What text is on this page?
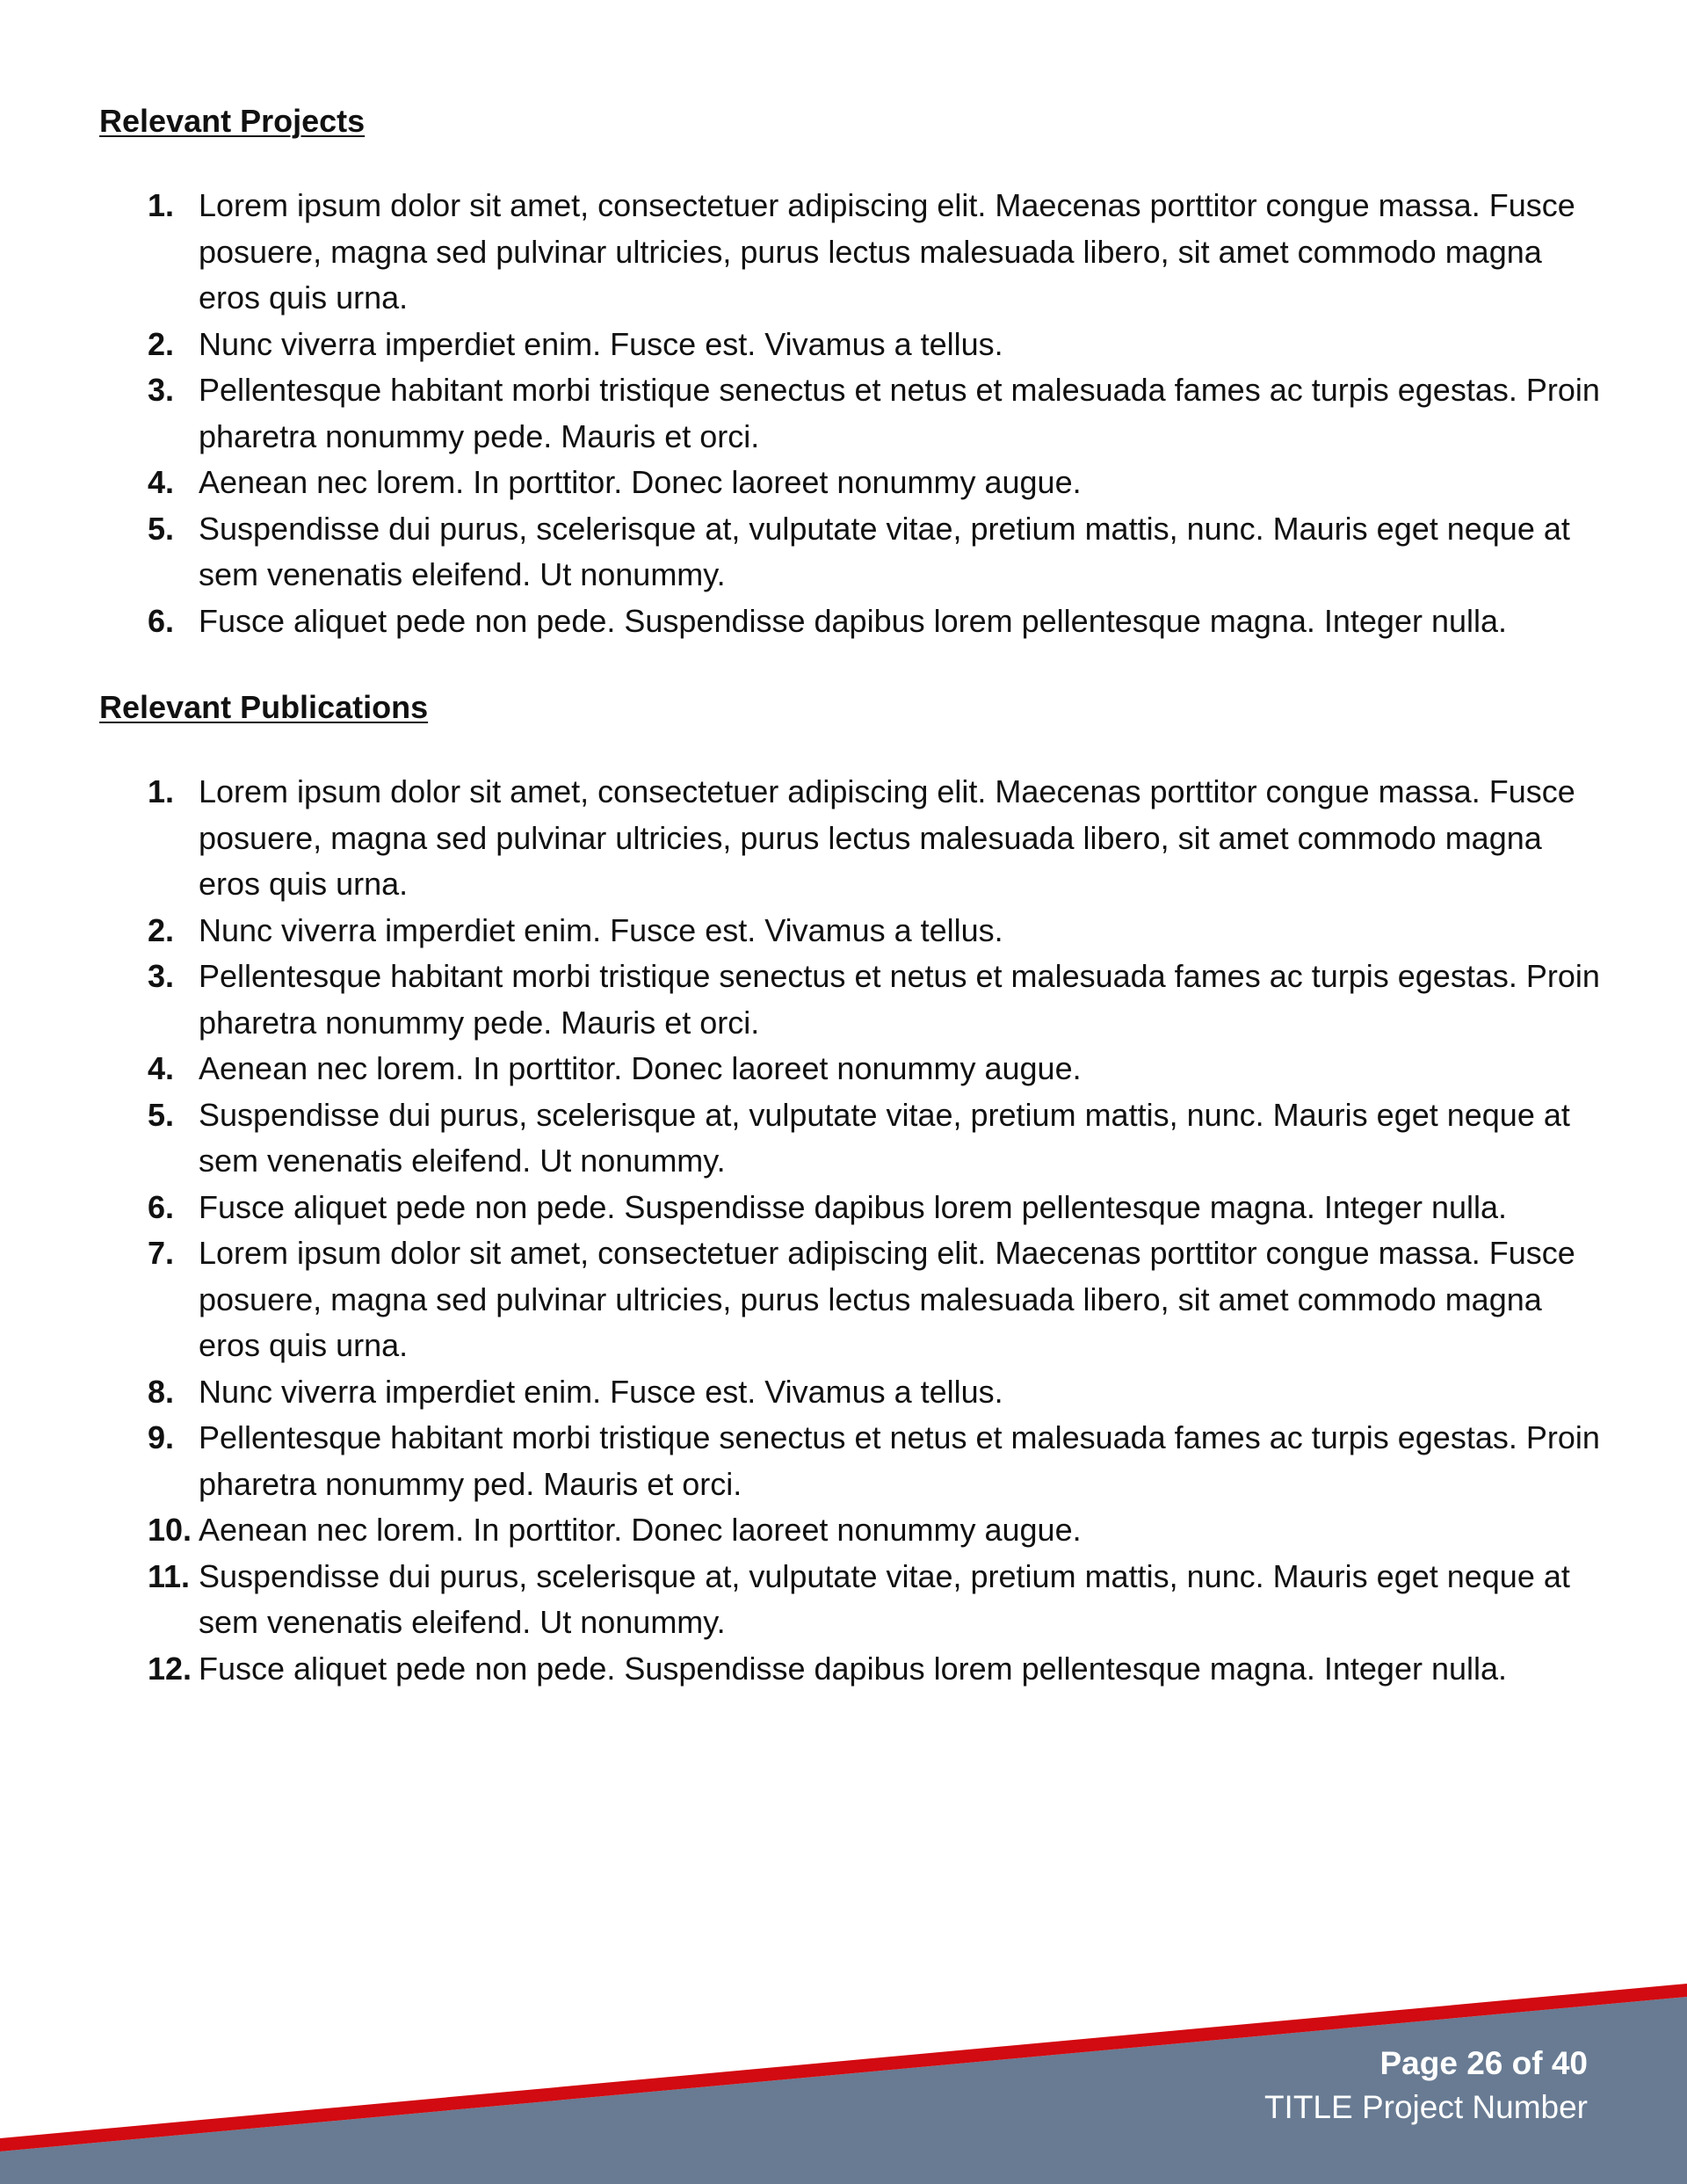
Relevant Projects
1. Lorem ipsum dolor sit amet, consectetuer adipiscing elit. Maecenas porttitor congue massa. Fusce posuere, magna sed pulvinar ultricies, purus lectus malesuada libero, sit amet commodo magna eros quis urna.
2. Nunc viverra imperdiet enim. Fusce est. Vivamus a tellus.
3. Pellentesque habitant morbi tristique senectus et netus et malesuada fames ac turpis egestas. Proin pharetra nonummy pede. Mauris et orci.
4. Aenean nec lorem. In porttitor. Donec laoreet nonummy augue.
5. Suspendisse dui purus, scelerisque at, vulputate vitae, pretium mattis, nunc. Mauris eget neque at sem venenatis eleifend. Ut nonummy.
6. Fusce aliquet pede non pede. Suspendisse dapibus lorem pellentesque magna. Integer nulla.
Relevant Publications
1. Lorem ipsum dolor sit amet, consectetuer adipiscing elit. Maecenas porttitor congue massa. Fusce posuere, magna sed pulvinar ultricies, purus lectus malesuada libero, sit amet commodo magna eros quis urna.
2. Nunc viverra imperdiet enim. Fusce est. Vivamus a tellus.
3. Pellentesque habitant morbi tristique senectus et netus et malesuada fames ac turpis egestas. Proin pharetra nonummy pede. Mauris et orci.
4. Aenean nec lorem. In porttitor. Donec laoreet nonummy augue.
5. Suspendisse dui purus, scelerisque at, vulputate vitae, pretium mattis, nunc. Mauris eget neque at sem venenatis eleifend. Ut nonummy.
6. Fusce aliquet pede non pede. Suspendisse dapibus lorem pellentesque magna. Integer nulla.
7. Lorem ipsum dolor sit amet, consectetuer adipiscing elit. Maecenas porttitor congue massa. Fusce posuere, magna sed pulvinar ultricies, purus lectus malesuada libero, sit amet commodo magna eros quis urna.
8. Nunc viverra imperdiet enim. Fusce est. Vivamus a tellus.
9. Pellentesque habitant morbi tristique senectus et netus et malesuada fames ac turpis egestas. Proin pharetra nonummy ped. Mauris et orci.
10. Aenean nec lorem. In porttitor. Donec laoreet nonummy augue.
11. Suspendisse dui purus, scelerisque at, vulputate vitae, pretium mattis, nunc. Mauris eget neque at sem venenatis eleifend. Ut nonummy.
12. Fusce aliquet pede non pede. Suspendisse dapibus lorem pellentesque magna. Integer nulla.
Page 26 of 40
TITLE Project Number
